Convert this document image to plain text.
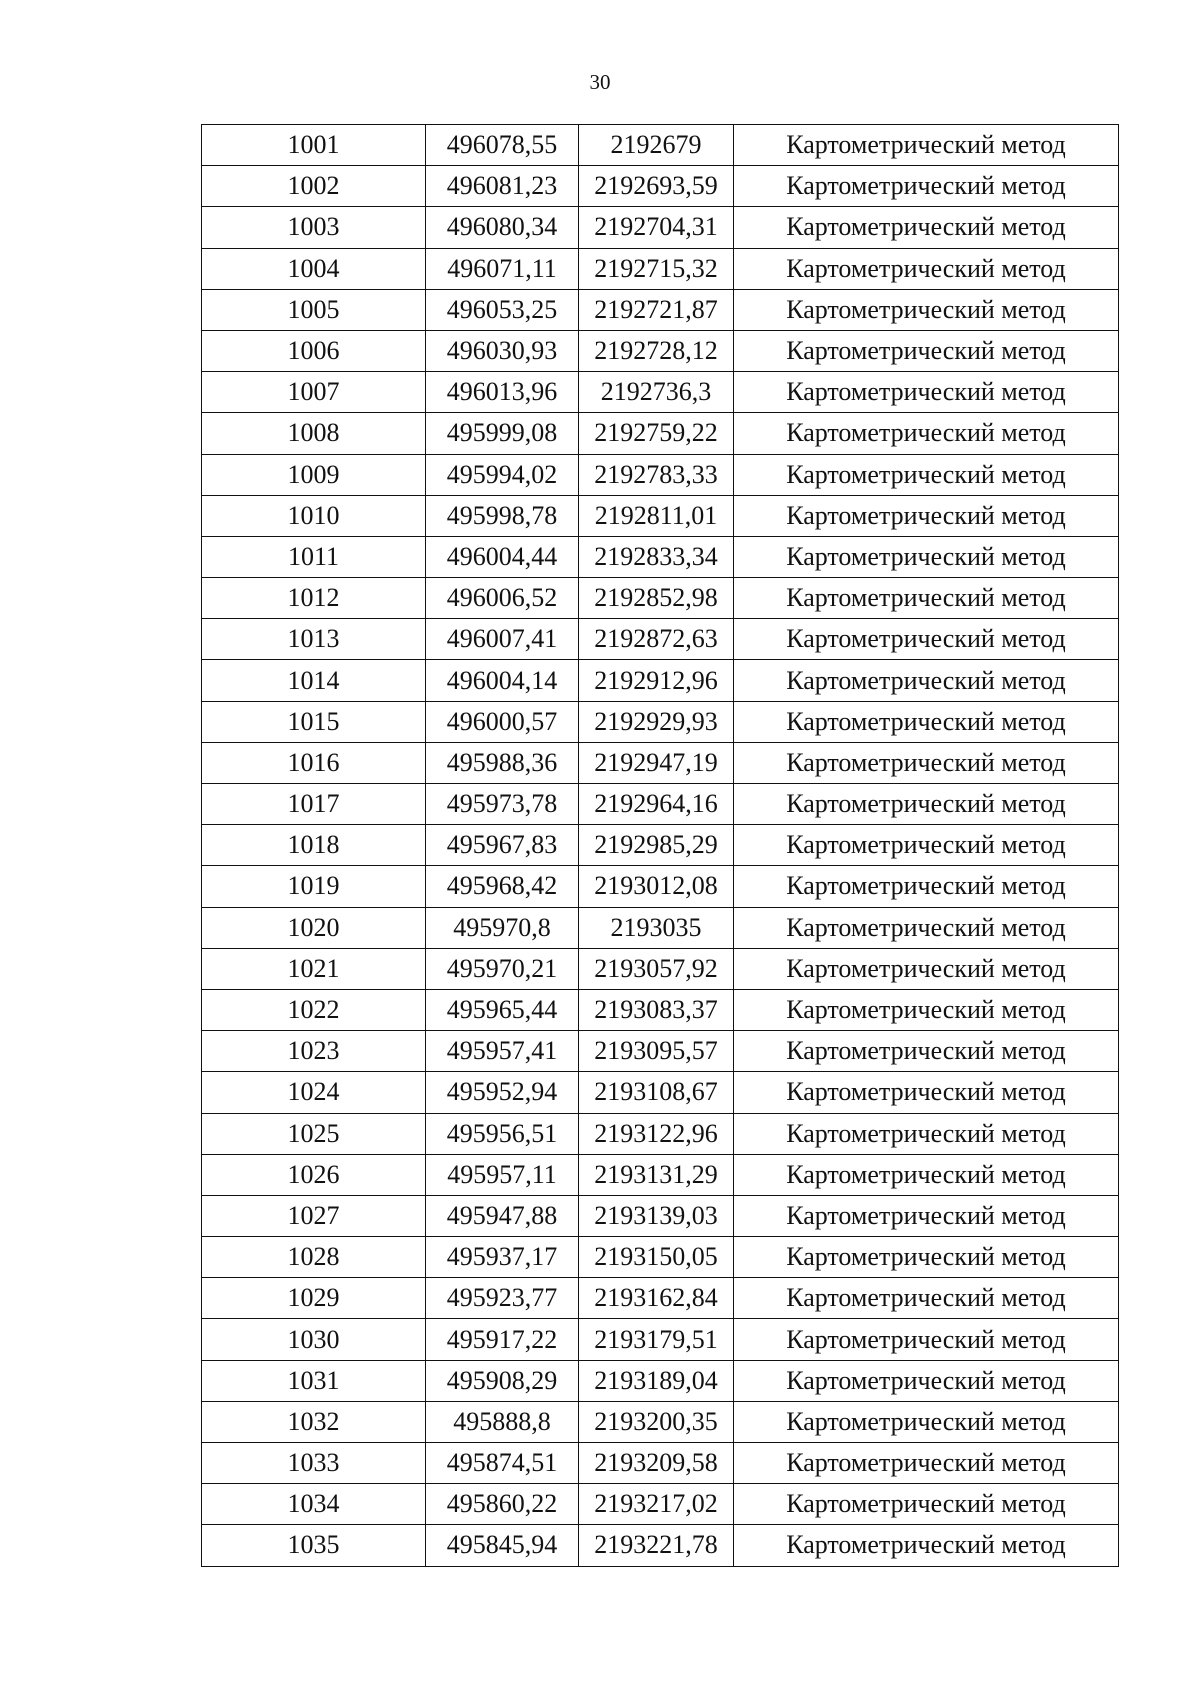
30
1001	496078,55	2192679	Картометрический метод
1002	496081,23	2192693,59	Картометрический метод
1003	496080,34	2192704,31	Картометрический метод
1004	496071,11	2192715,32	Картометрический метод
1005	496053,25	2192721,87	Картометрический метод
1006	496030,93	2192728,12	Картометрический метод
1007	496013,96	2192736,3	Картометрический метод
1008	495999,08	2192759,22	Картометрический метод
1009	495994,02	2192783,33	Картометрический метод
1010	495998,78	2192811,01	Картометрический метод
1011	496004,44	2192833,34	Картометрический метод
1012	496006,52	2192852,98	Картометрический метод
1013	496007,41	2192872,63	Картометрический метод
1014	496004,14	2192912,96	Картометрический метод
1015	496000,57	2192929,93	Картометрический метод
1016	495988,36	2192947,19	Картометрический метод
1017	495973,78	2192964,16	Картометрический метод
1018	495967,83	2192985,29	Картометрический метод
1019	495968,42	2193012,08	Картометрический метод
1020	495970,8	2193035	Картометрический метод
1021	495970,21	2193057,92	Картометрический метод
1022	495965,44	2193083,37	Картометрический метод
1023	495957,41	2193095,57	Картометрический метод
1024	495952,94	2193108,67	Картометрический метод
1025	495956,51	2193122,96	Картометрический метод
1026	495957,11	2193131,29	Картометрический метод
1027	495947,88	2193139,03	Картометрический метод
1028	495937,17	2193150,05	Картометрический метод
1029	495923,77	2193162,84	Картометрический метод
1030	495917,22	2193179,51	Картометрический метод
1031	495908,29	2193189,04	Картометрический метод
1032	495888,8	2193200,35	Картометрический метод
1033	495874,51	2193209,58	Картометрический метод
1034	495860,22	2193217,02	Картометрический метод
1035	495845,94	2193221,78	Картометрический метод
